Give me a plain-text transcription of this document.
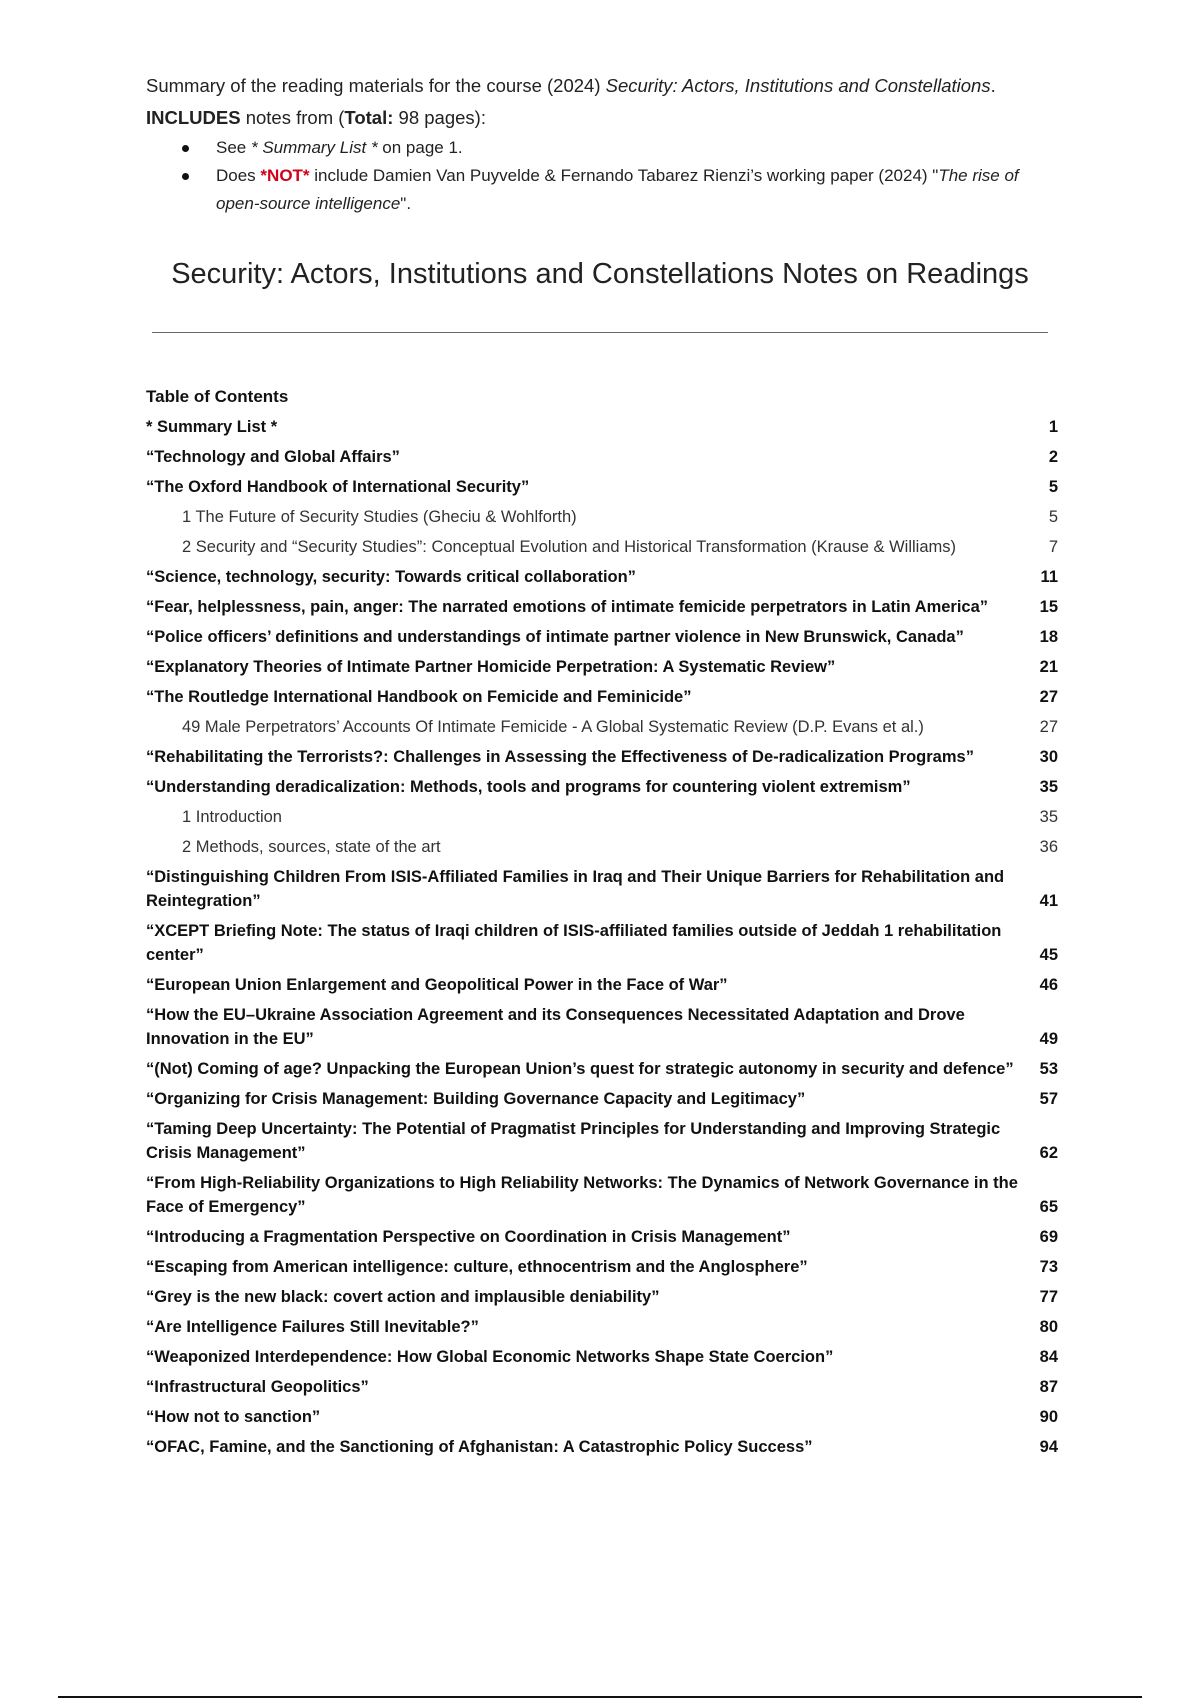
Summary of the reading materials for the course (2024) Security: Actors, Institutions and Constellations. INCLUDES notes from (Total: 98 pages):

See * Summary List * on page 1.
Does *NOT* include Damien Van Puyvelde & Fernando Tabarez Rienzi’s working paper (2024) "The rise of open-source intelligence".
Security: Actors, Institutions and Constellations Notes on Readings
Table of Contents
* Summary List *	1
“Technology and Global Affairs”	2
“The Oxford Handbook of International Security”	5
1 The Future of Security Studies (Gheciu & Wohlforth)	5
2 Security and “Security Studies”: Conceptual Evolution and Historical Transformation (Krause & Williams)	7
“Science, technology, security: Towards critical collaboration”	11
“Fear, helplessness, pain, anger: The narrated emotions of intimate femicide perpetrators in Latin America”	15
“Police officers’ definitions and understandings of intimate partner violence in New Brunswick, Canada”	18
“Explanatory Theories of Intimate Partner Homicide Perpetration: A Systematic Review”	21
“The Routledge International Handbook on Femicide and Feminicide”	27
49 Male Perpetrators’ Accounts Of Intimate Femicide - A Global Systematic Review (D.P. Evans et al.)	27
“Rehabilitating the Terrorists?: Challenges in Assessing the Effectiveness of De-radicalization Programs”	30
“Understanding deradicalization: Methods, tools and programs for countering violent extremism”	35
1 Introduction	35
2 Methods, sources, state of the art	36
“Distinguishing Children From ISIS-Affiliated Families in Iraq and Their Unique Barriers for Rehabilitation and Reintegration”	41
“XCEPT Briefing Note: The status of Iraqi children of ISIS-affiliated families outside of Jeddah 1 rehabilitation center”	45
“European Union Enlargement and Geopolitical Power in the Face of War”	46
“How the EU–Ukraine Association Agreement and its Consequences Necessitated Adaptation and Drove Innovation in the EU”	49
“(Not) Coming of age? Unpacking the European Union’s quest for strategic autonomy in security and defence”	53
“Organizing for Crisis Management: Building Governance Capacity and Legitimacy”	57
“Taming Deep Uncertainty: The Potential of Pragmatist Principles for Understanding and Improving Strategic Crisis Management”	62
“From High-Reliability Organizations to High Reliability Networks: The Dynamics of Network Governance in the Face of Emergency”	65
“Introducing a Fragmentation Perspective on Coordination in Crisis Management”	69
“Escaping from American intelligence: culture, ethnocentrism and the Anglosphere”	73
“Grey is the new black: covert action and implausible deniability”	77
“Are Intelligence Failures Still Inevitable?”	80
“Weaponized Interdependence: How Global Economic Networks Shape State Coercion”	84
“Infrastructural Geopolitics”	87
“How not to sanction”	90
“OFAC, Famine, and the Sanctioning of Afghanistan: A Catastrophic Policy Success”	94
